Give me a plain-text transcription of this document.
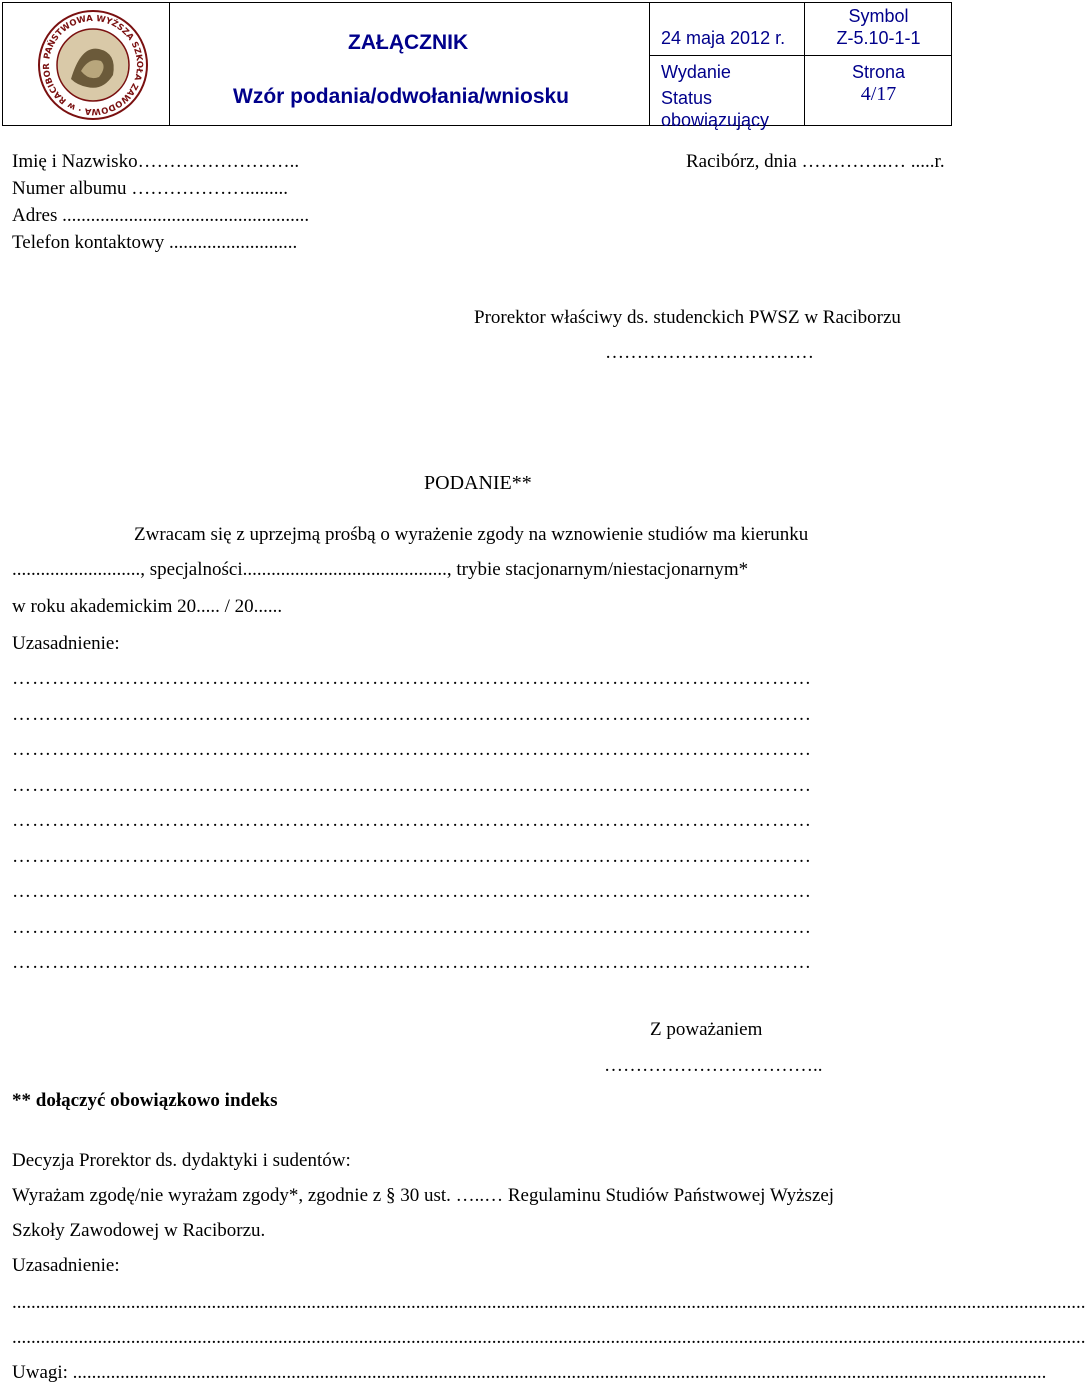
PAŃSTWOWA WYŻSZA SZKOŁA ZAWODOWA · w RACIBOR
ZAŁĄCZNIK
Wzór podania/odwołania/wniosku
24 maja 2012 r.
Wydanie
Status
obowiązujący
Symbol
Z-5.10-1-1
Strona
4/17
Imię i Nazwisko……………………..
Numer albumu ……………….........
Adres ....................................................
Telefon kontaktowy ...........................
Racibórz, dnia …………..… .....r.
Prorektor właściwy ds. studenckich PWSZ w Raciborzu
……………………………
PODANIE**
Zwracam się z uprzejmą prośbą o wyrażenie zgody na wznowienie studiów ma kierunku
..........................., specjalności..........................................., trybie stacjonarnym/niestacjonarnym*
w roku akademickim 20..... / 20......
Uzasadnienie:
…………………………………………………………………………………………………………
…………………………………………………………………………………………………………
…………………………………………………………………………………………………………
…………………………………………………………………………………………………………
…………………………………………………………………………………………………………
…………………………………………………………………………………………………………
…………………………………………………………………………………………………………
…………………………………………………………………………………………………………
…………………………………………………………………………………………………………
Z poważaniem
……………………………..
** dołączyć obowiązkowo indeks
Decyzja Prorektor ds. dydaktyki i sudentów:
Wyrażam zgodę/nie wyrażam zgody*, zgodnie z § 30 ust. …..… Regulaminu Studiów Państwowej Wyższej
Szkoły Zawodowej w Raciborzu.
Uzasadnienie:
..................................................................................................................................................................................................................................
..................................................................................................................................................................................................................................
Uwagi: .............................................................................................................................................................................................................
